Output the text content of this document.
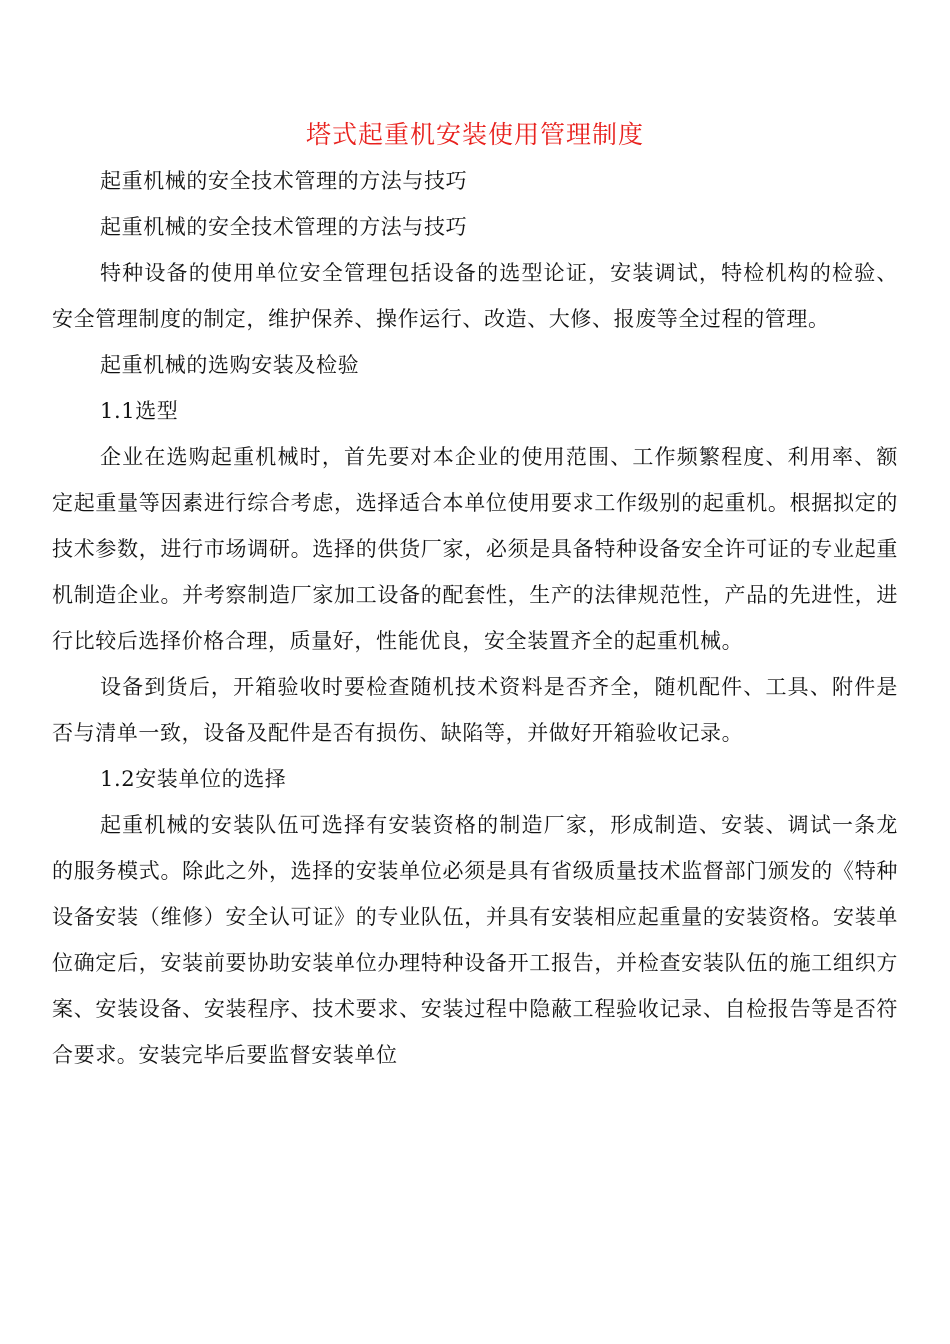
塔式起重机安装使用管理制度

起重机械的安全技术管理的方法与技巧

起重机械的安全技术管理的方法与技巧

特种设备的使用单位安全管理包括设备的选型论证，安装调试，特检机构的检验、安全管理制度的制定，维护保养、操作运行、改造、大修、报废等全过程的管理。

起重机械的选购安装及检验

1.1选型

企业在选购起重机械时，首先要对本企业的使用范围、工作频繁程度、利用率、额定起重量等因素进行综合考虑，选择适合本单位使用要求工作级别的起重机。根据拟定的技术参数，进行市场调研。选择的供货厂家，必须是具备特种设备安全许可证的专业起重机制造企业。并考察制造厂家加工设备的配套性，生产的法律规范性，产品的先进性，进行比较后选择价格合理，质量好，性能优良，安全装置齐全的起重机械。

设备到货后，开箱验收时要检查随机技术资料是否齐全，随机配件、工具、附件是否与清单一致，设备及配件是否有损伤、缺陷等，并做好开箱验收记录。

1.2安装单位的选择

起重机械的安装队伍可选择有安装资格的制造厂家，形成制造、安装、调试一条龙的服务模式。除此之外，选择的安装单位必须是具有省级质量技术监督部门颁发的《特种设备安装（维修）安全认可证》的专业队伍，并具有安装相应起重量的安装资格。安装单位确定后，安装前要协助安装单位办理特种设备开工报告，并检查安装队伍的施工组织方案、安装设备、安装程序、技术要求、安装过程中隐蔽工程验收记录、自检报告等是否符合要求。安装完毕后要监督安装单位
